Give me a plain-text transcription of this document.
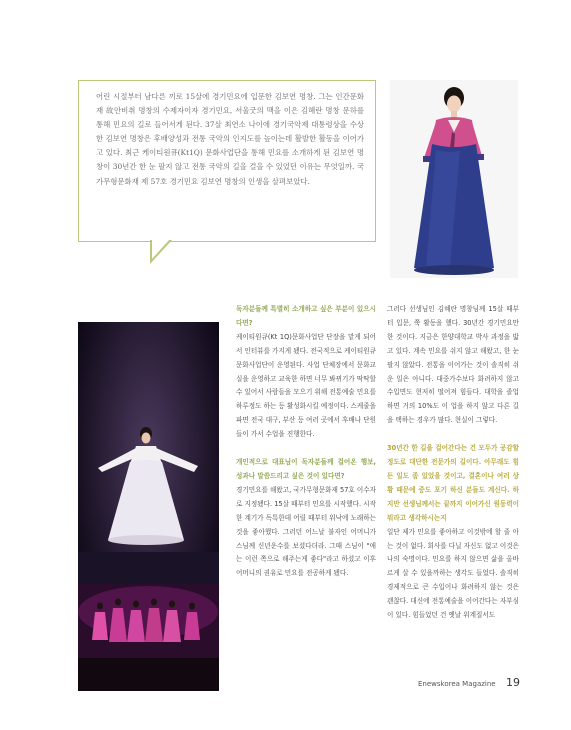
어린 시절부터 남다른 끼로 15살에 경기민요에 입문한 김보연 명창. 그는 인간문화재 故안비취 명창의 수제자이자 경기민요, 서울굿의 맥을 이은 김혜란 명창 문하를 통해 민요의 길로 들어서게 된다. 37살 최연소 나이에 경기국악제 대통령상을 수상한 김보연 명창은 후배양성과 전통 국악의 인지도를 높이는데 활발한 활동을 이어가고 있다. 최근 케이티원큐(Kt1Q) 문화사업단을 통해 민요를 소개하게 된 김보연 명창이 30년간 한 눈 팔지 않고 전통 국악의 길을 걸을 수 있었던 이유는 무엇일까. 국가무형문화재 제 57호 경기민요 김보연 명창의 인생을 살펴보았다.

독자분들께 특별히 소개하고 싶은 부분이 있으시다면?

케이티원큐(Kt 1Q)문화사업단 단장을 맡게 되어서 인터뷰를 가지게 됐다. 전국적으로 케이티원큐 문화사업단이 운영된다. 사업 단체장에서 문화교실을 운영하고 교육한 하면 너무 봐뀌기가 딱딱할 수 있어서 사람들을 모으기 위해 전통예술 민요를 하루정도 하는 등 활성화시킬 예정이다. 스케줄을 파면 전국 대구, 부산 등 여러 곳에서 후배나 단원들이 가서 수업을 진행한다.

개인적으로 대표님이 독자분들께 걸어온 행보, 성과나 말씀드리고 싶은 것이 있다면?

경기민요를 해왔고, 국가무형문화재 57호 이수자로 지정됐다. 15살 때부터 민요를 시작했다. 시작한 계기가 독특한데 어릴 때부터 워낙에 노래하는 것을 좋아했다. 그러던 어느날 불자인 어머니가 스님께 신년운수를 보셨다더라. 그때 스님이 "애는 이런 쪽으로 해주는게 좋다"라고 하셨고 이후 어머니의 권유로 민요를 전공하게 됐다.

그러다 선생님인 김혜란 명창님께 15살 때부터 입문, 쭉 활동을 했다. 30년간 경기민요만 한 것이다. 지금은 한양대학교 박사 과정을 밟고 있다. 계속 민요를 쉬지 않고 해왔고, 한 눈 팔지 않았다. 전통을 이어가는 것이 솔직히 쉬운 일은 아니다. 대중가수보다 화려하지 않고 수입면도 현저히 떨어져 힘들다. 대학을 졸업하면 거의 10%도 이 업을 하지 않고 다른 길을 택하는 경우가 많다. 현실이 그렇다.

30년간 한 길을 걸어간다는 건 모두가 공감할 정도로 대단한 전문가의 길이다. 아무래도 힘든 일도 좀 있었을 것이고, 결혼이나 여러 상황 때문에 중도 포기 하신 분들도 계신다. 하지만 선생님께서는 끝까지 이어가신 원동력이 뭐라고 생각하시는지

일단 제가 민요를 좋아하고 이것밖에 할 줄 아는 것이 없다. 회사를 다닐 자신도 없고 이것은 나의 숙명이다. 민요를 하지 않으면 삶을 올바르게 살 수 있을까하는 생각도 들었다. 솔직히 경제적으로 큰 수입이나 화려하지 않는 것은 괜찮다. 대신에 전통예술을 이어간다는 자부심이 있다. 힘들었던 건 옛날 위계질서도

Enewskorea Magazine 19
